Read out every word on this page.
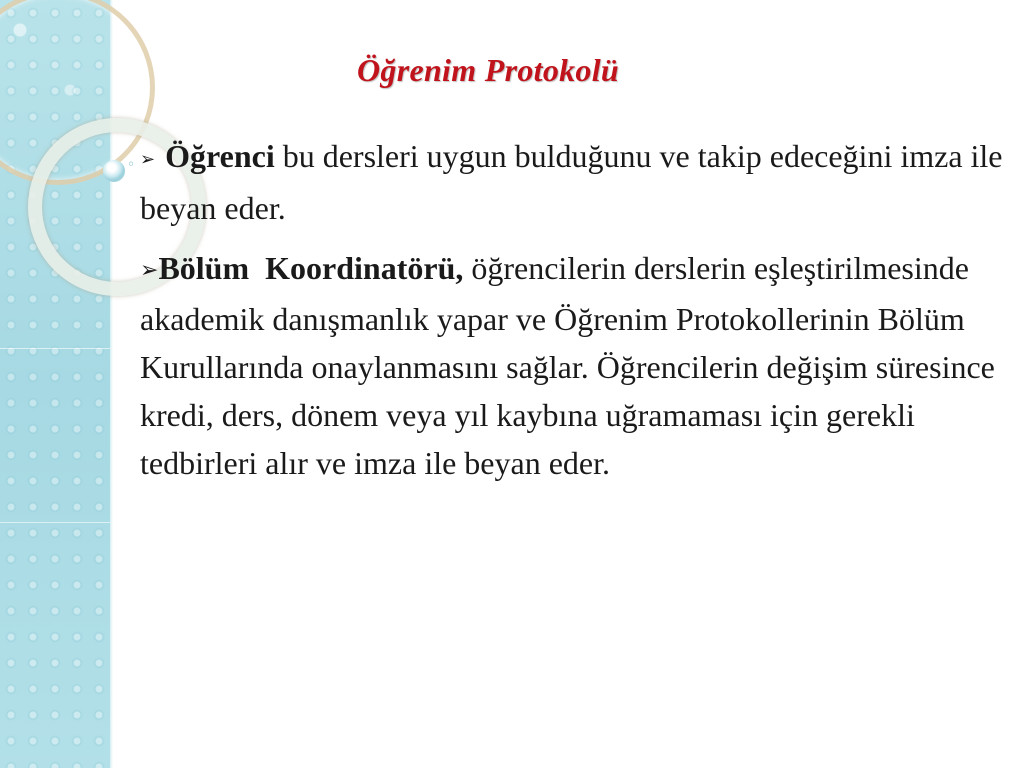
Öğrenim Protokolü

◦ ➢ Öğrenci bu dersleri uygun bulduğunu ve takip edeceğini imza ile beyan eder.

➢Bölüm  Koordinatörü, öğrencilerin derslerin eşleştirilmesinde akademik danışmanlık yapar ve Öğrenim Protokollerinin Bölüm Kurullarında onaylanmasını sağlar. Öğrencilerin değişim süresince kredi, ders, dönem veya yıl kaybına uğramaması için gerekli tedbirleri alır ve imza ile beyan eder.
